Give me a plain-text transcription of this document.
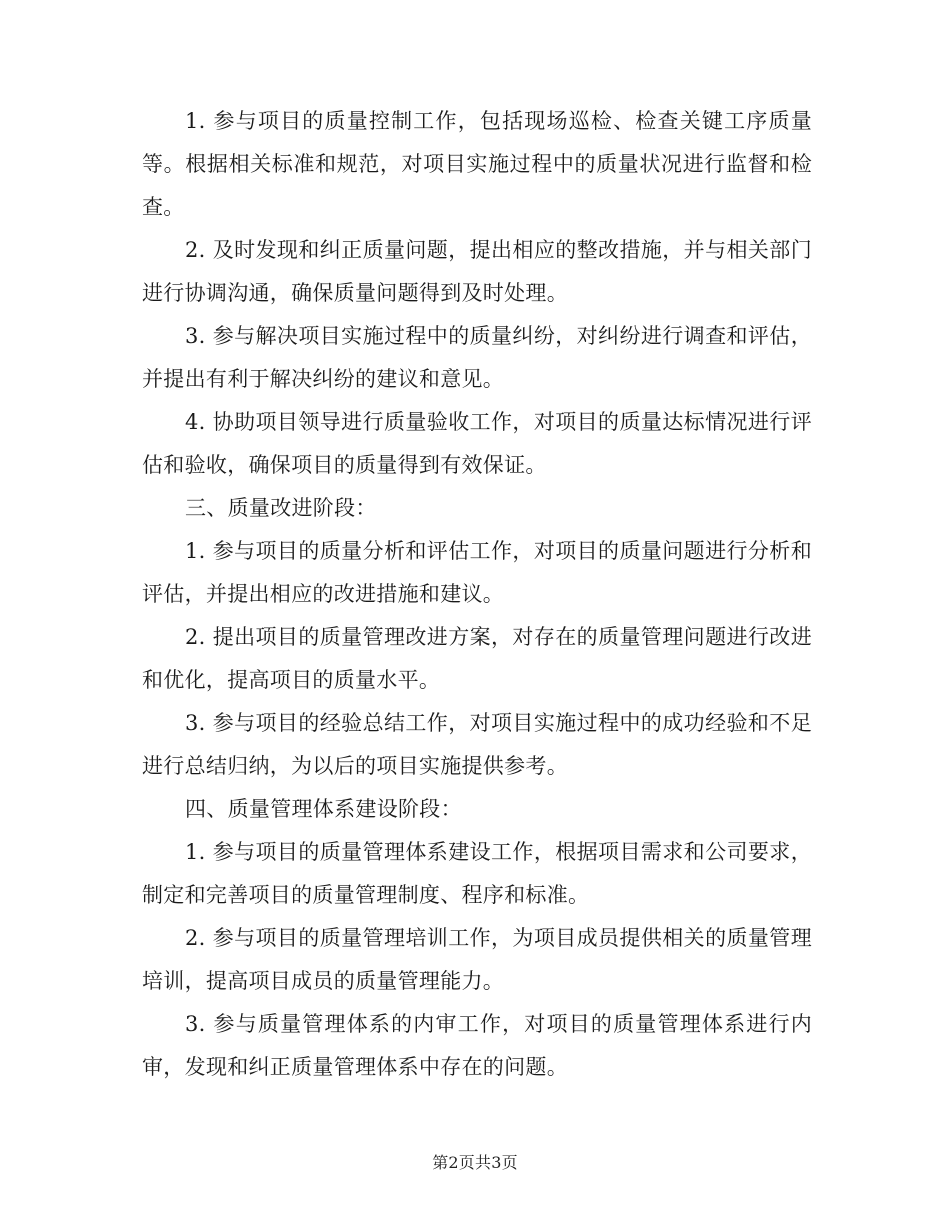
1. 参与项目的质量控制工作，包括现场巡检、检查关键工序质量等。根据相关标准和规范，对项目实施过程中的质量状况进行监督和检查。

2. 及时发现和纠正质量问题，提出相应的整改措施，并与相关部门进行协调沟通，确保质量问题得到及时处理。

3. 参与解决项目实施过程中的质量纠纷，对纠纷进行调查和评估，并提出有利于解决纠纷的建议和意见。

4. 协助项目领导进行质量验收工作，对项目的质量达标情况进行评估和验收，确保项目的质量得到有效保证。

三、质量改进阶段：

1. 参与项目的质量分析和评估工作，对项目的质量问题进行分析和评估，并提出相应的改进措施和建议。

2. 提出项目的质量管理改进方案，对存在的质量管理问题进行改进和优化，提高项目的质量水平。

3. 参与项目的经验总结工作，对项目实施过程中的成功经验和不足进行总结归纳，为以后的项目实施提供参考。

四、质量管理体系建设阶段：

1. 参与项目的质量管理体系建设工作，根据项目需求和公司要求，制定和完善项目的质量管理制度、程序和标准。

2. 参与项目的质量管理培训工作，为项目成员提供相关的质量管理培训，提高项目成员的质量管理能力。

3. 参与质量管理体系的内审工作，对项目的质量管理体系进行内审，发现和纠正质量管理体系中存在的问题。

第2页共3页
